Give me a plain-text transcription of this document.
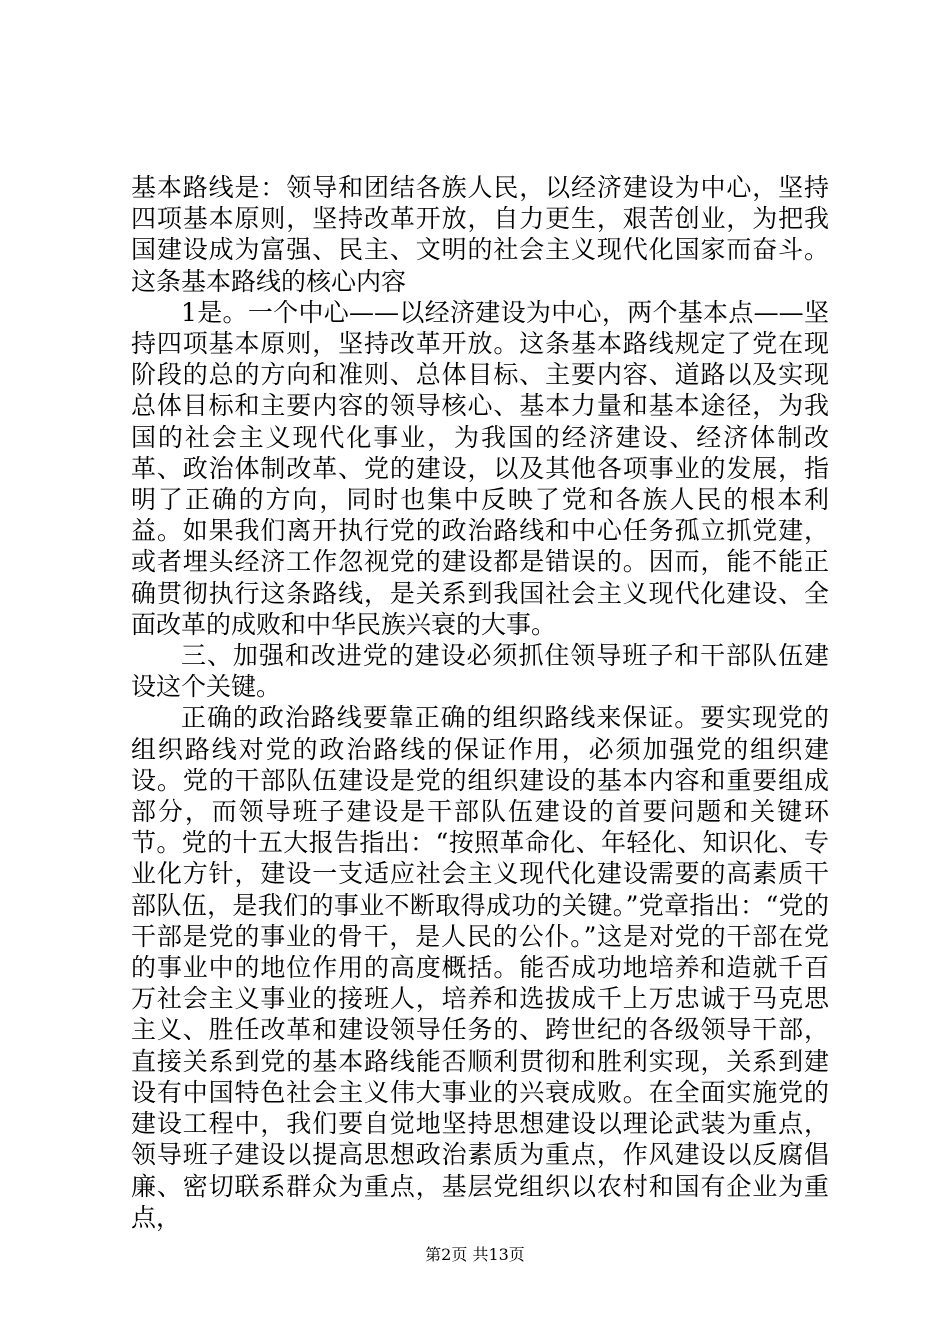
基本路线是：领导和团结各族人民，以经济建设为中心，坚持四项基本原则，坚持改革开放，自力更生，艰苦创业，为把我国建设成为富强、民主、文明的社会主义现代化国家而奋斗。这条基本路线的核心内容

1是。一个中心——以经济建设为中心，两个基本点——坚持四项基本原则，坚持改革开放。这条基本路线规定了党在现阶段的总的方向和准则、总体目标、主要内容、道路以及实现总体目标和主要内容的领导核心、基本力量和基本途径，为我国的社会主义现代化事业，为我国的经济建设、经济体制改革、政治体制改革、党的建设，以及其他各项事业的发展，指明了正确的方向，同时也集中反映了党和各族人民的根本利益。如果我们离开执行党的政治路线和中心任务孤立抓党建，或者埋头经济工作忽视党的建设都是错误的。因而，能不能正确贯彻执行这条路线，是关系到我国社会主义现代化建设、全面改革的成败和中华民族兴衰的大事。

三、加强和改进党的建设必须抓住领导班子和干部队伍建设这个关键。

正确的政治路线要靠正确的组织路线来保证。要实现党的组织路线对党的政治路线的保证作用，必须加强党的组织建设。党的干部队伍建设是党的组织建设的基本内容和重要组成部分，而领导班子建设是干部队伍建设的首要问题和关键环节。党的十五大报告指出：“按照革命化、年轻化、知识化、专业化方针，建设一支适应社会主义现代化建设需要的高素质干部队伍，是我们的事业不断取得成功的关键。”党章指出：“党的干部是党的事业的骨干，是人民的公仆。”这是对党的干部在党的事业中的地位作用的高度概括。能否成功地培养和造就千百万社会主义事业的接班人，培养和选拔成千上万忠诚于马克思主义、胜任改革和建设领导任务的、跨世纪的各级领导干部，直接关系到党的基本路线能否顺利贯彻和胜利实现，关系到建设有中国特色社会主义伟大事业的兴衰成败。在全面实施党的建设工程中，我们要自觉地坚持思想建设以理论武装为重点，领导班子建设以提高思想政治素质为重点，作风建设以反腐倡廉、密切联系群众为重点，基层党组织以农村和国有企业为重点，

第2页 共13页
